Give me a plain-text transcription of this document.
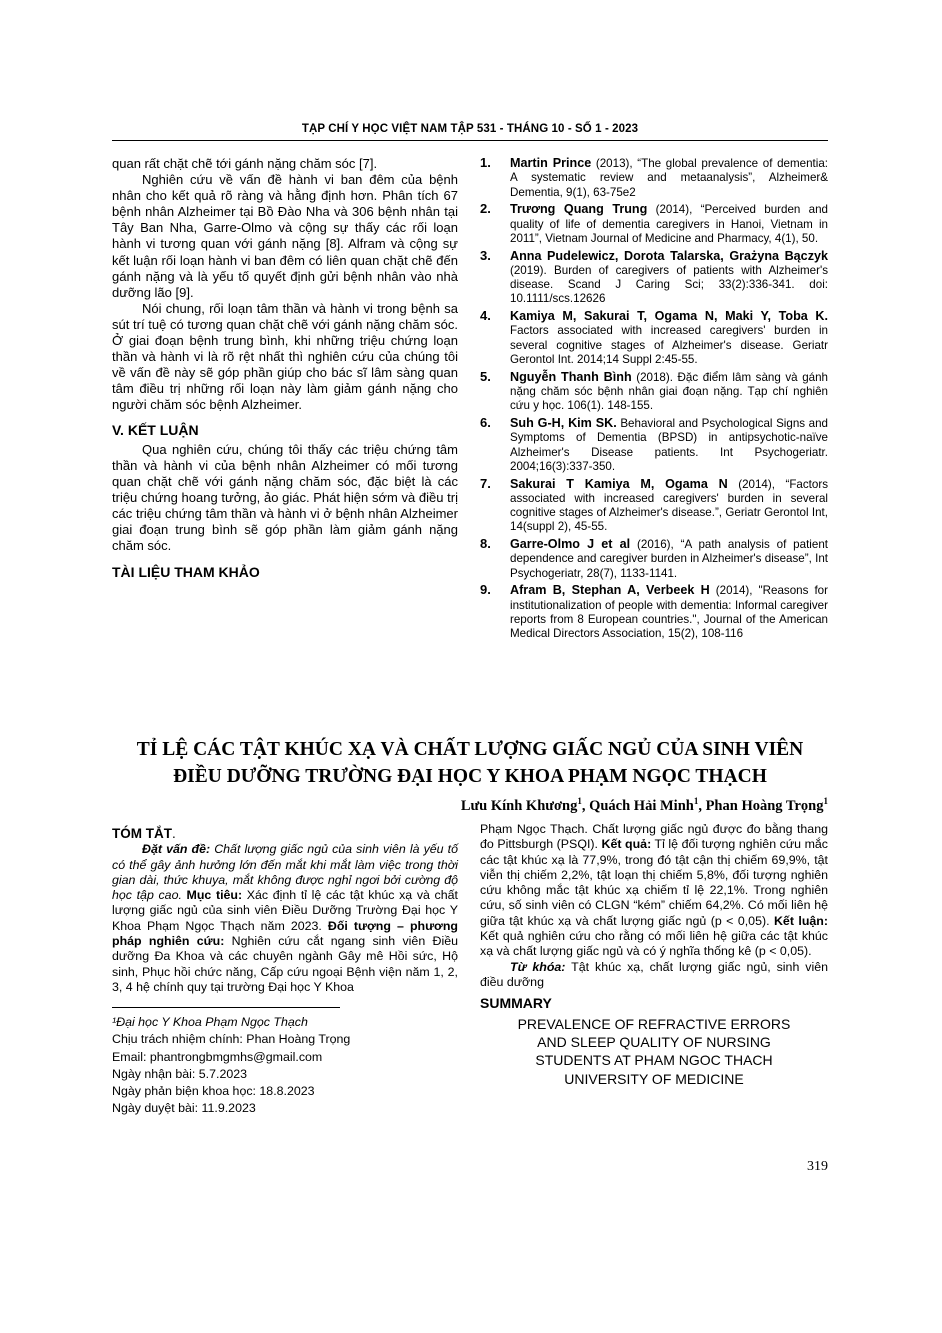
TẠP CHÍ Y HỌC VIỆT NAM TẬP 531 - THÁNG 10 - SỐ 1 - 2023

quan rất chặt chẽ tới gánh nặng chăm sóc [7].

Nghiên cứu về vấn đề hành vi ban đêm của bệnh nhân cho kết quả rõ ràng và hằng định hơn. Phân tích 67 bệnh nhân Alzheimer tại Bồ Đào Nha và 306 bệnh nhân tại Tây Ban Nha, Garre-Olmo và cộng sự thấy các rối loạn hành vi tương quan với gánh nặng [8]. Alfram và cộng sự kết luận rối loạn hành vi ban đêm có liên quan chặt chẽ đến gánh nặng và là yếu tố quyết định gửi bệnh nhân vào nhà dưỡng lão [9].

Nói chung, rối loạn tâm thần và hành vi trong bệnh sa sút trí tuệ có tương quan chặt chẽ với gánh nặng chăm sóc. Ở giai đoạn bệnh trung bình, khi những triệu chứng loạn thần và hành vi là rõ rệt nhất thì nghiên cứu của chúng tôi về vấn đề này sẽ góp phần giúp cho bác sĩ lâm sàng quan tâm điều trị những rối loạn này làm giảm gánh nặng cho người chăm sóc bệnh Alzheimer.

V. KẾT LUẬN

Qua nghiên cứu, chúng tôi thấy các triệu chứng tâm thần và hành vi của bệnh nhân Alzheimer có mối tương quan chặt chẽ với gánh nặng chăm sóc, đặc biệt là các triệu chứng hoang tưởng, ảo giác. Phát hiện sớm và điều trị các triệu chứng tâm thần và hành vi ở bệnh nhân Alzheimer giai đoạn trung bình sẽ góp phần làm giảm gánh nặng chăm sóc.

TÀI LIỆU THAM KHẢO
1. Martin Prince (2013), “The global prevalence of dementia: A systematic review and metaanalysis”, Alzheimer& Dementia, 9(1), 63-75e2
2. Trương Quang Trung (2014), “Perceived burden and quality of life of dementia caregivers in Hanoi, Vietnam in 2011”, Vietnam Journal of Medicine and Pharmacy, 4(1), 50.
3. Anna Pudelewicz, Dorota Talarska, Grażyna Bączyk (2019). Burden of caregivers of patients with Alzheimer's disease. Scand J Caring Sci; 33(2):336-341. doi: 10.1111/scs.12626
4. Kamiya M, Sakurai T, Ogama N, Maki Y, Toba K. Factors associated with increased caregivers' burden in several cognitive stages of Alzheimer's disease. Geriatr Gerontol Int. 2014;14 Suppl 2:45-55.
5. Nguyễn Thanh Bình (2018). Đặc điểm lâm sàng và gánh nặng chăm sóc bệnh nhân giai đoạn nặng. Tạp chí nghiên cứu y học. 106(1). 148-155.
6. Suh G-H, Kim SK. Behavioral and Psychological Signs and Symptoms of Dementia (BPSD) in antipsychotic-naïve Alzheimer's Disease patients. Int Psychogeriatr. 2004;16(3):337-350.
7. Sakurai T Kamiya M, Ogama N (2014), “Factors associated with increased caregivers' burden in several cognitive stages of Alzheimer's disease.”, Geriatr Gerontol Int, 14(suppl 2), 45-55.
8. Garre-Olmo J et al (2016), “A path analysis of patient dependence and caregiver burden in Alzheimer's disease”, Int Psychogeriatr, 28(7), 1133-1141.
9. Afram B, Stephan A, Verbeek H (2014), "Reasons for institutionalization of people with dementia: Informal caregiver reports from 8 European countries.", Journal of the American Medical Directors Association, 15(2), 108-116
TỈ LỆ CÁC TẬT KHÚC XẠ VÀ CHẤT LƯỢNG GIẤC NGỦ CỦA SINH VIÊN
ĐIỀU DƯỠNG TRƯỜNG ĐẠI HỌC Y KHOA PHẠM NGỌC THẠCH
Lưu Kính Khương$^1$, Quách Hải Minh$^1$, Phan Hoàng Trọng$^1$
TÓM TẮT.

Đặt vấn đề: Chất lượng giấc ngủ của sinh viên là yếu tố có thể gây ảnh hưởng lớn đến mắt khi mắt làm việc trong thời gian dài, thức khuya, mắt không được nghỉ ngơi bởi cường độ học tập cao. Mục tiêu: Xác định tỉ lệ các tật khúc xạ và chất lượng giấc ngủ của sinh viên Điều Dưỡng Trường Đại học Y Khoa Phạm Ngọc Thạch năm 2023. Đối tượng – phương pháp nghiên cứu: Nghiên cứu cắt ngang sinh viên Điều dưỡng Đa Khoa và các chuyên ngành Gây mê Hồi sức, Hộ sinh, Phục hồi chức năng, Cấp cứu ngoại Bệnh viện năm 1, 2, 3, 4 hệ chính quy tại trường Đại học Y Khoa

¹Đại học Y Khoa Phạm Ngọc Thạch
Chịu trách nhiệm chính: Phan Hoàng Trọng
Email: phantrongbmgmhs@gmail.com
Ngày nhận bài: 5.7.2023
Ngày phản biện khoa học: 18.8.2023
Ngày duyệt bài: 11.9.2023

Phạm Ngọc Thạch. Chất lượng giấc ngủ được đo bằng thang đo Pittsburgh (PSQI). Kết quả: Tỉ lệ đối tượng nghiên cứu mắc các tật khúc xạ là 77,9%, trong đó tật cận thị chiếm 69,9%, tật viễn thị chiếm 2,2%, tật loạn thị chiếm 5,8%, đối tượng nghiên cứu không mắc tật khúc xạ chiếm tỉ lệ 22,1%. Trong nghiên cứu, số sinh viên có CLGN “kém” chiếm 64,2%. Có mối liên hệ giữa tật khúc xạ và chất lượng giấc ngủ (p < 0,05). Kết luận: Kết quả nghiên cứu cho rằng có mối liên hệ giữa các tật khúc xạ và chất lượng giấc ngủ và có ý nghĩa thống kê (p < 0,05).

Từ khóa: Tật khúc xạ, chất lượng giấc ngủ, sinh viên điều dưỡng

SUMMARY
PREVALENCE OF REFRACTIVE ERRORS
AND SLEEP QUALITY OF NURSING
STUDENTS AT PHAM NGOC THACH
UNIVERSITY OF MEDICINE
319
